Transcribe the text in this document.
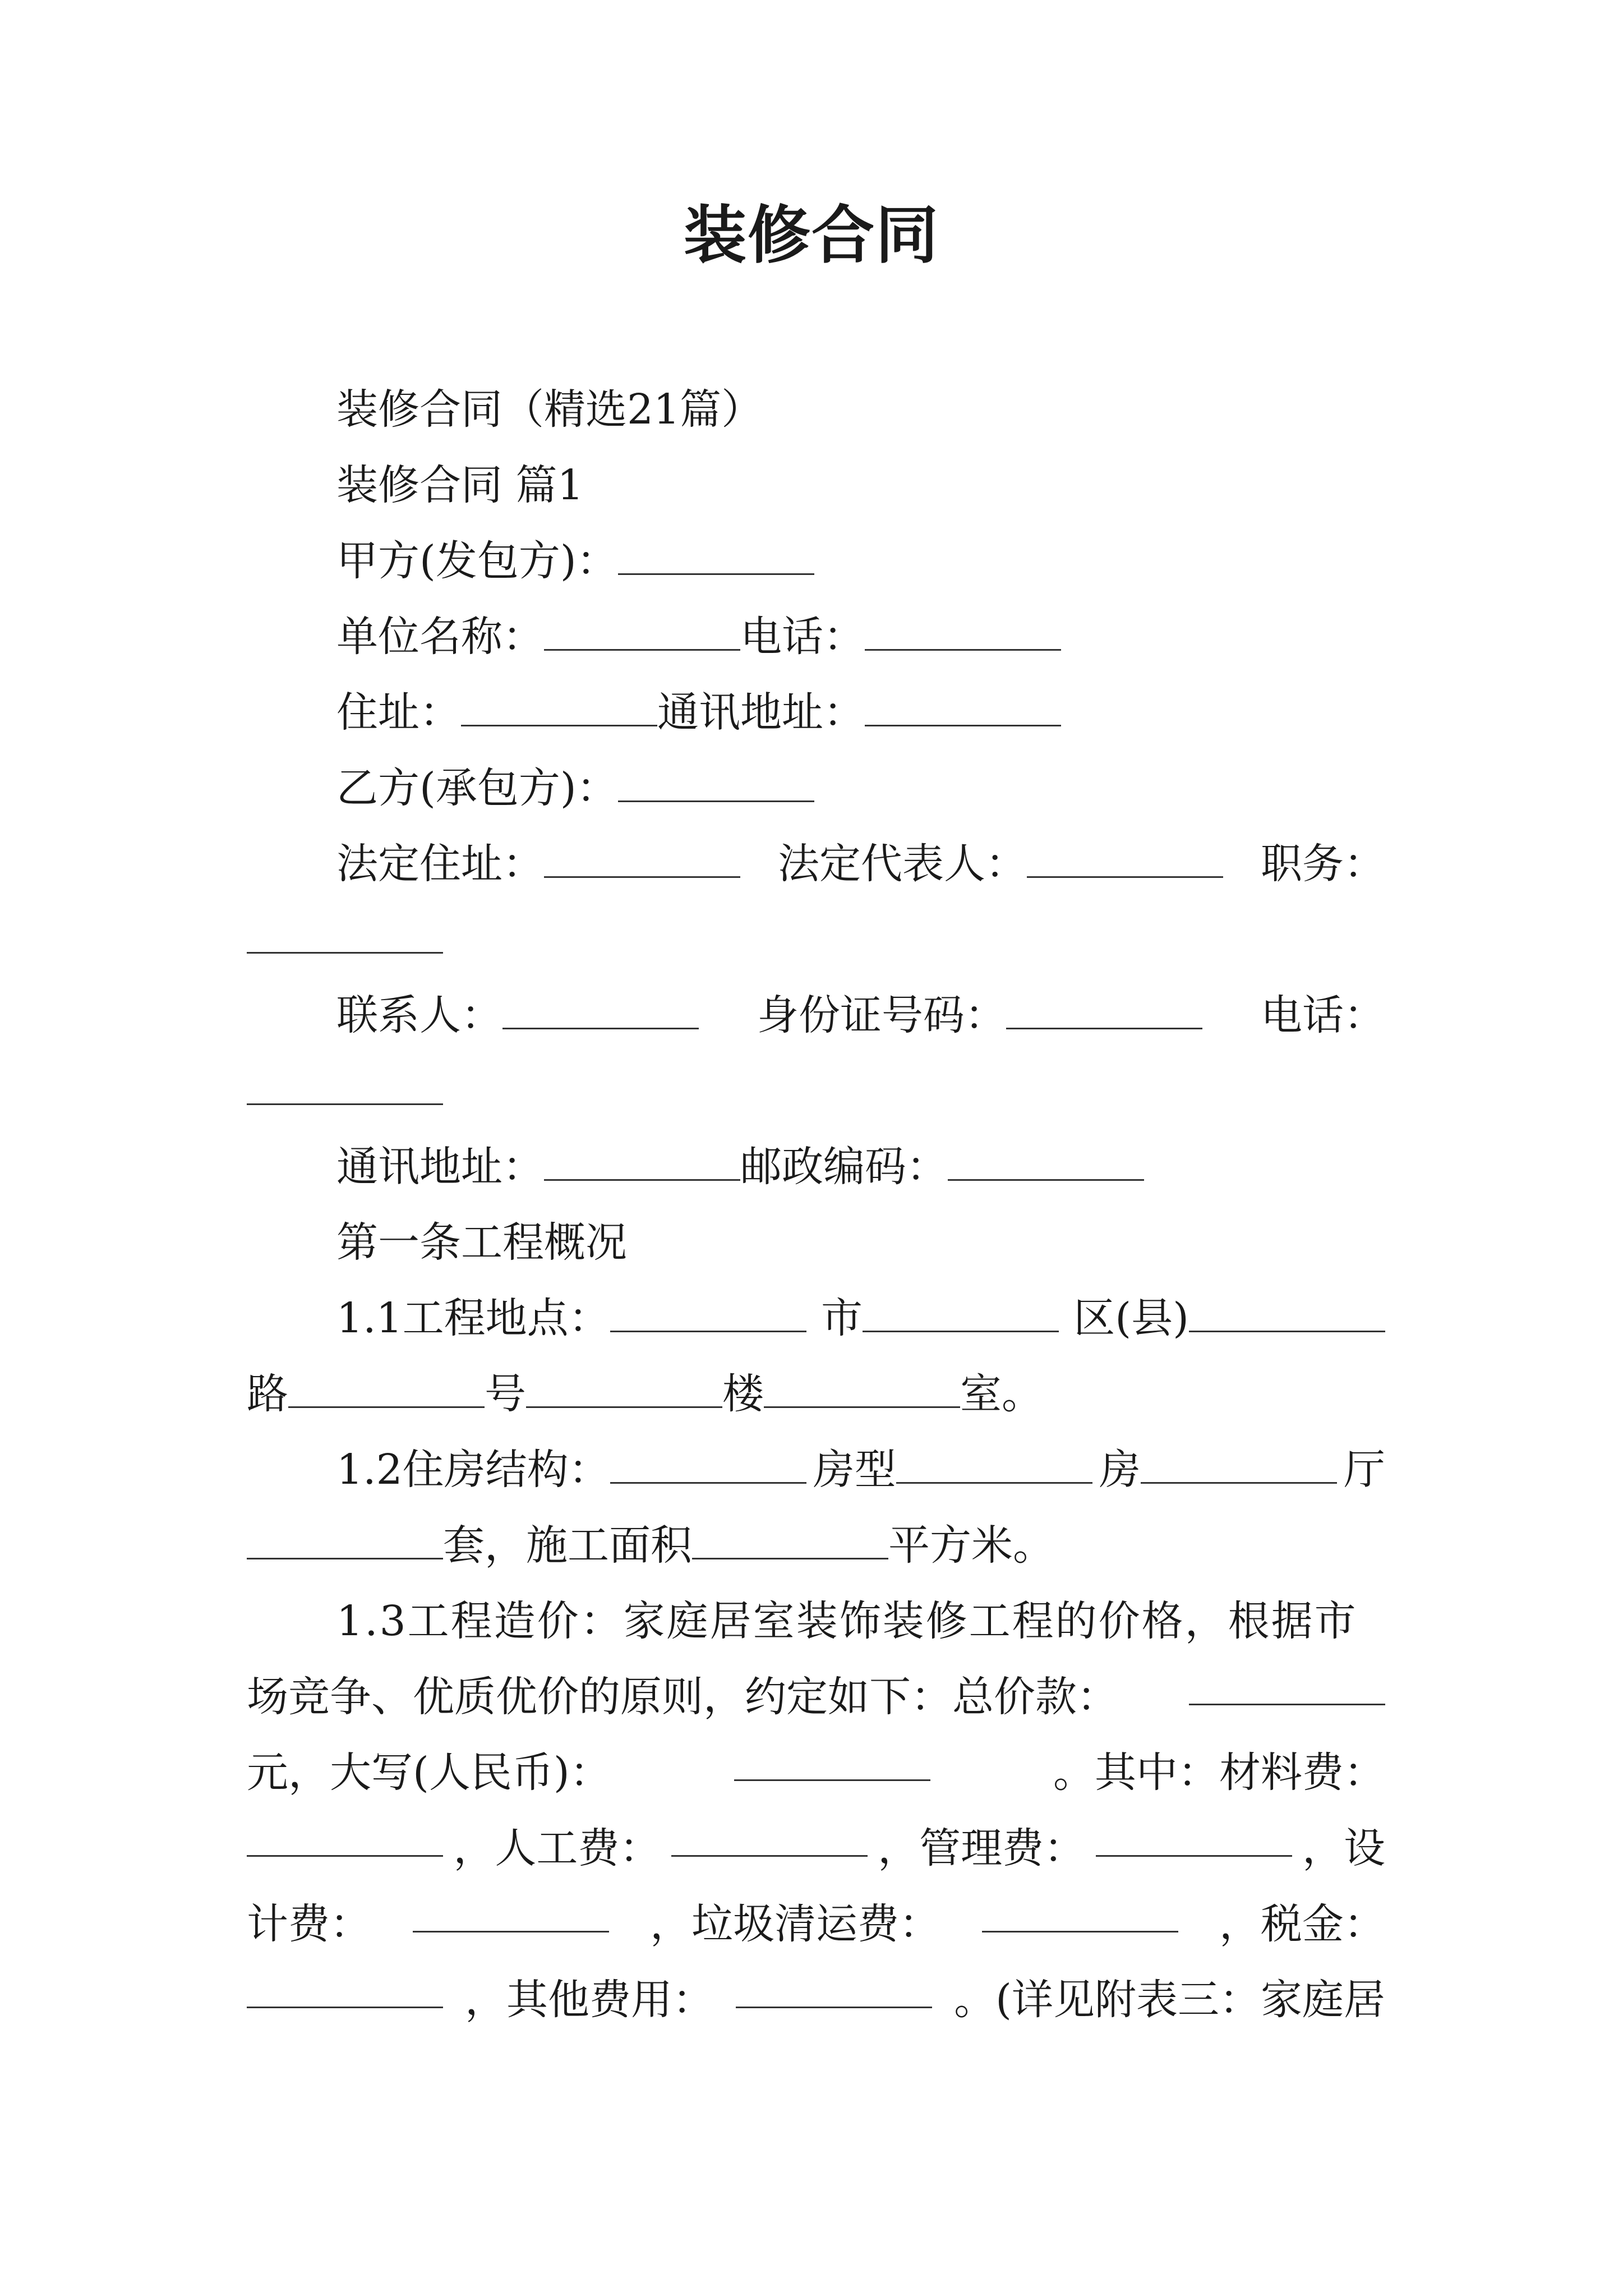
装修合同
装修合同（精选21篇）
装修合同 篇1
甲方(发包方)：
单位名称：	电话：
住址：	通讯地址：
乙方(承包方)：
法定住址：	法定代表人：	职务：
联系人：	身份证号码：	电话：
通讯地址：	邮政编码：
第一条工程概况
1.1工程地点：	市	区(县)
路	号	楼	室。
1.2住房结构：	房型	房	厅
套，施工面积	平方米。
1.3工程造价：家庭居室装饰装修工程的价格，根据市
场竞争、优质优价的原则，约定如下：总价款：
元，大写(人民币)：	。其中：材料费：
，人工费：	，管理费：	，设
计费：	，垃圾清运费：	，税金：
，其他费用：	。(详见附表三：家庭居
